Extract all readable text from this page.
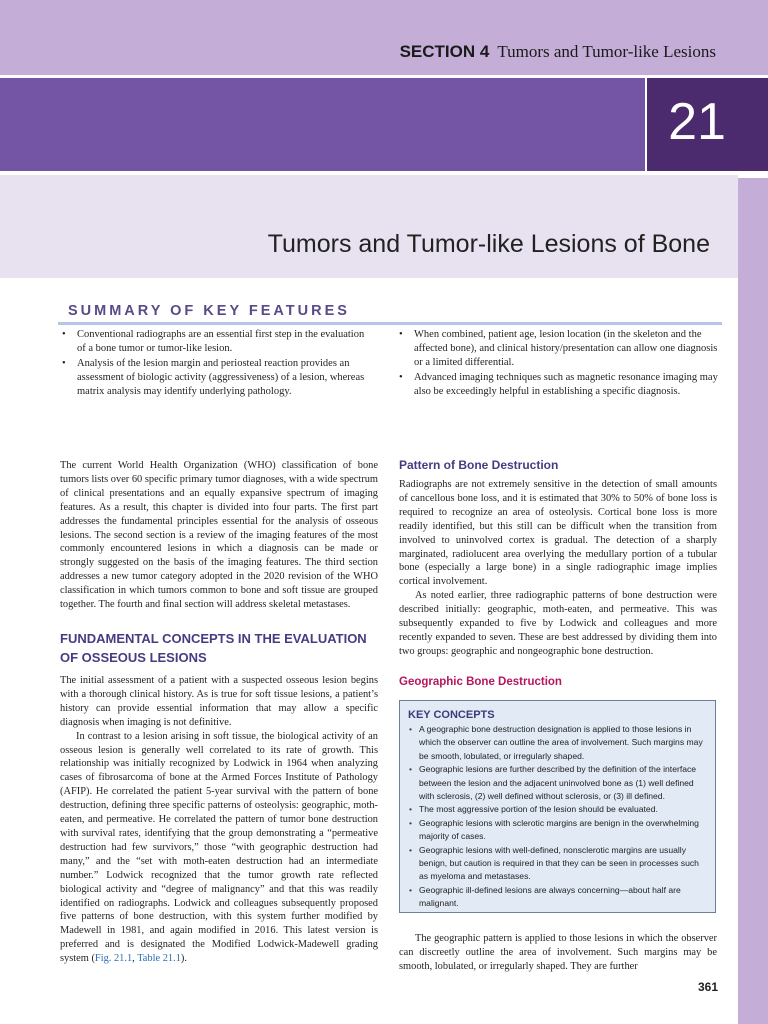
SECTION 4 Tumors and Tumor-like Lesions
21
Tumors and Tumor-like Lesions of Bone
SUMMARY OF KEY FEATURES
• Conventional radiographs are an essential first step in the evaluation of a bone tumor or tumor-like lesion.
• Analysis of the lesion margin and periosteal reaction provides an assessment of biologic activity (aggressiveness) of a lesion, whereas matrix analysis may identify underlying pathology.
• When combined, patient age, lesion location (in the skeleton and the affected bone), and clinical history/presentation can allow one diagnosis or a limited differential.
• Advanced imaging techniques such as magnetic resonance imaging may also be exceedingly helpful in establishing a specific diagnosis.

The current World Health Organization (WHO) classification of bone tumors lists over 60 specific primary tumor diagnoses, with a wide spectrum of clinical presentations and an equally expansive spectrum of imaging features. As a result, this chapter is divided into four parts. The first part addresses the fundamental principles essential for the analysis of osseous lesions. The second section is a review of the imaging features of the most commonly encountered lesions in which a diagnosis can be made or strongly suggested on the basis of the imaging features. The third section addresses a new tumor category adopted in the 2020 revision of the WHO classification in which tumors common to bone and soft tissue are grouped together. The fourth and final section will address skeletal metastases.

FUNDAMENTAL CONCEPTS IN THE EVALUATION OF OSSEOUS LESIONS

The initial assessment of a patient with a suspected osseous lesion begins with a thorough clinical history. As is true for soft tissue lesions, a patient’s history can provide essential information that may allow a specific diagnosis when imaging is not definitive.

In contrast to a lesion arising in soft tissue, the biological activity of an osseous lesion is generally well correlated to its rate of growth. This relationship was initially recognized by Lodwick in 1964 when analyzing cases of fibrosarcoma of bone at the Armed Forces Institute of Pathology (AFIP). He correlated the patient 5-year survival with the pattern of bone destruction, defining three specific patterns of osteolysis: geographic, moth-eaten, and permeative. He correlated the pattern of tumor bone destruction with survival rates, identifying that the group demonstrating a “permeative destruction had few survivors,” those “with geographic destruction had many,” and the “set with moth-eaten destruction had an intermediate number.” Lodwick recognized that the tumor growth rate reflected biological activity and “degree of malignancy” and that this was readily identified on radiographs. Lodwick and colleagues subsequently proposed five patterns of bone destruction, with this system further modified by Madewell in 1981, and again modified in 2016. This latest version is preferred and is designated the Modified Lodwick-Madewell grading system (Fig. 21.1, Table 21.1).

Pattern of Bone Destruction

Radiographs are not extremely sensitive in the detection of small amounts of cancellous bone loss, and it is estimated that 30% to 50% of bone loss is required to recognize an area of osteolysis. Cortical bone loss is more readily identified, but this still can be difficult when the transition from involved to uninvolved cortex is gradual. The detection of a sharply marginated, radiolucent area overlying the medullary portion of a tubular bone (especially a large bone) in a single radiographic image implies cortical involvement.

As noted earlier, three radiographic patterns of bone destruction were described initially: geographic, moth-eaten, and permeative. This was subsequently expanded to five by Lodwick and colleagues and more recently expanded to seven. These are best addressed by dividing them into two groups: geographic and nongeographic bone destruction.

Geographic Bone Destruction
KEY CONCEPTS
• A geographic bone destruction designation is applied to those lesions in which the observer can outline the area of involvement. Such margins may be smooth, lobulated, or irregularly shaped.
• Geographic lesions are further described by the definition of the interface between the lesion and the adjacent uninvolved bone as (1) well defined with sclerosis, (2) well defined without sclerosis, or (3) ill defined.
• The most aggressive portion of the lesion should be evaluated.
• Geographic lesions with sclerotic margins are benign in the overwhelming majority of cases.
• Geographic lesions with well-defined, nonsclerotic margins are usually benign, but caution is required in that they can be seen in processes such as myeloma and metastases.
• Geographic ill-defined lesions are always concerning—about half are malignant.

The geographic pattern is applied to those lesions in which the observer can discreetly outline the area of involvement. Such margins may be smooth, lobulated, or irregularly shaped. They are further

361
